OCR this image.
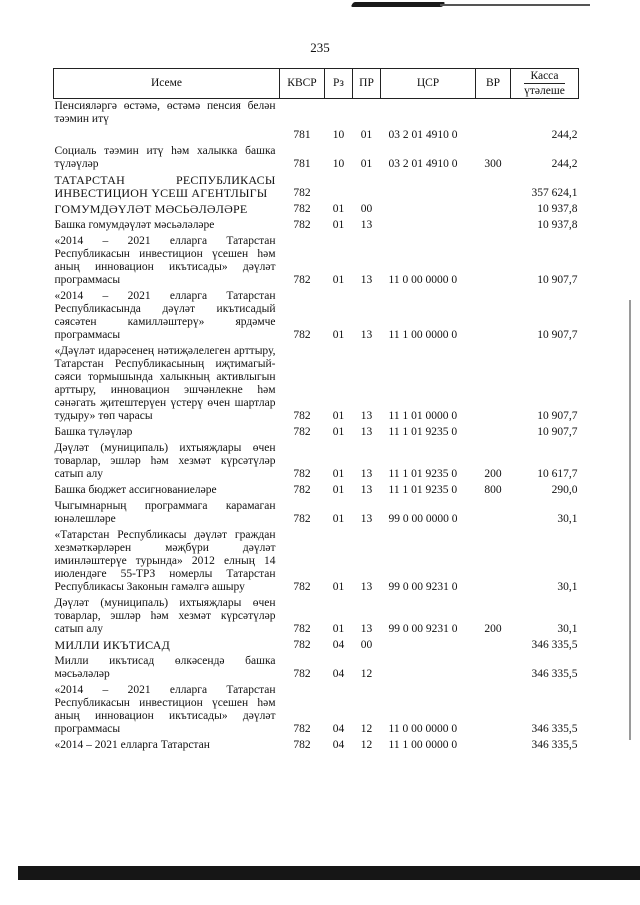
235
Исеме	КВСР	Рз	ПР	ЦСР	ВР	Касса
үтәлеше

Пенсияләргә өстәмә, өстәмә пенсия белән тәэмин итү						
	781	10	01	03 2 01 4910 0		244,2
Социаль тәэмин итү һәм халыкка башка түләүләр	781	10	01	03 2 01 4910 0	300	244,2
ТАТАРСТАН РЕСПУБЛИКАСЫ ИНВЕСТИЦИОН ҮСЕШ АГЕНТЛЫГЫ	782					357 624,1
ГОМУМДӘҮЛӘТ МӘСЬӘЛӘЛӘРЕ	782	01	00			10 937,8
Башка гомумдәүләт мәсьәләләре	782	01	13			10 937,8
«2014 – 2021 елларга Татарстан Республикасын инвестицион үсешен һәм аның инновацион икътисады» дәүләт программасы	782	01	13	11 0 00 0000 0		10 907,7
«2014 – 2021 елларга Татарстан Республикасында дәүләт икътисадый сәясәтен камилләштерү» ярдәмче программасы	782	01	13	11 1 00 0000 0		10 907,7
«Дәүләт идарәсенең нәтиҗәлелеген арттыру, Татарстан Республикасының иҗтимагый-сәяси тормышында халыкның активлыгын арттыру, инновацион эшчәнлекне һәм сәнәгать җитештерүен үстерү өчен шартлар тудыру» төп чарасы	782	01	13	11 1 01 0000 0		10 907,7
Башка түләүләр	782	01	13	11 1 01 9235 0		10 907,7
Дәүләт (муниципаль) ихтыяҗлары өчен товарлар, эшләр һәм хезмәт күрсәтүләр сатып алу	782	01	13	11 1 01 9235 0	200	10 617,7
Башка бюджет ассигнованиеләре	782	01	13	11 1 01 9235 0	800	290,0
Чыгымнарның программага карамаган юнәлешләре	782	01	13	99 0 00 0000 0		30,1
«Татарстан Республикасы дәүләт граждан хезмәткәрләрен мәҗбүри дәүләт иминләштерүе турында» 2012 елның 14 июлендәге 55-ТРЗ номерлы Татарстан Республикасы Законын гамәлгә ашыру	782	01	13	99 0 00 9231 0		30,1
Дәүләт (муниципаль) ихтыяҗлары өчен товарлар, эшләр һәм хезмәт күрсәтүләр сатып алу	782	01	13	99 0 00 9231 0	200	30,1
МИЛЛИ ИКЪТИСАД	782	04	00			346 335,5
Милли икътисад өлкәсендә башка мәсьәләләр	782	04	12			346 335,5
«2014 – 2021 елларга Татарстан Республикасын инвестицион үсешен һәм аның инновацион икътисады» дәүләт программасы	782	04	12	11 0 00 0000 0		346 335,5
«2014 – 2021 елларга Татарстан	782	04	12	11 1 00 0000 0		346 335,5
